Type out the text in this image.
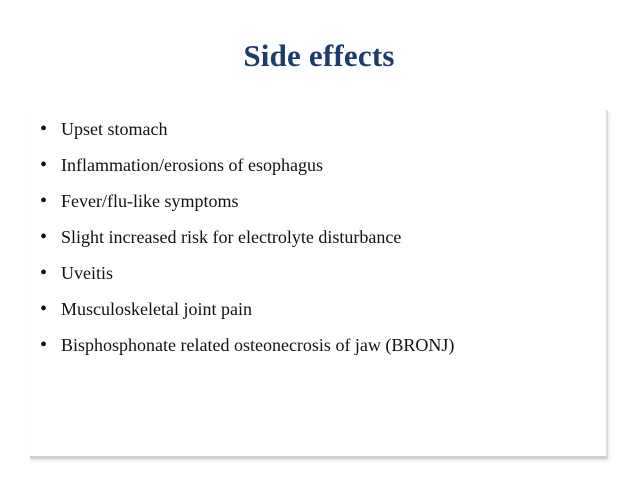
Side effects
• Upset stomach
• Inflammation/erosions of esophagus
• Fever/flu-like symptoms
• Slight increased risk for electrolyte disturbance
• Uveitis
• Musculoskeletal joint pain
• Bisphosphonate related osteonecrosis of jaw (BRONJ)
